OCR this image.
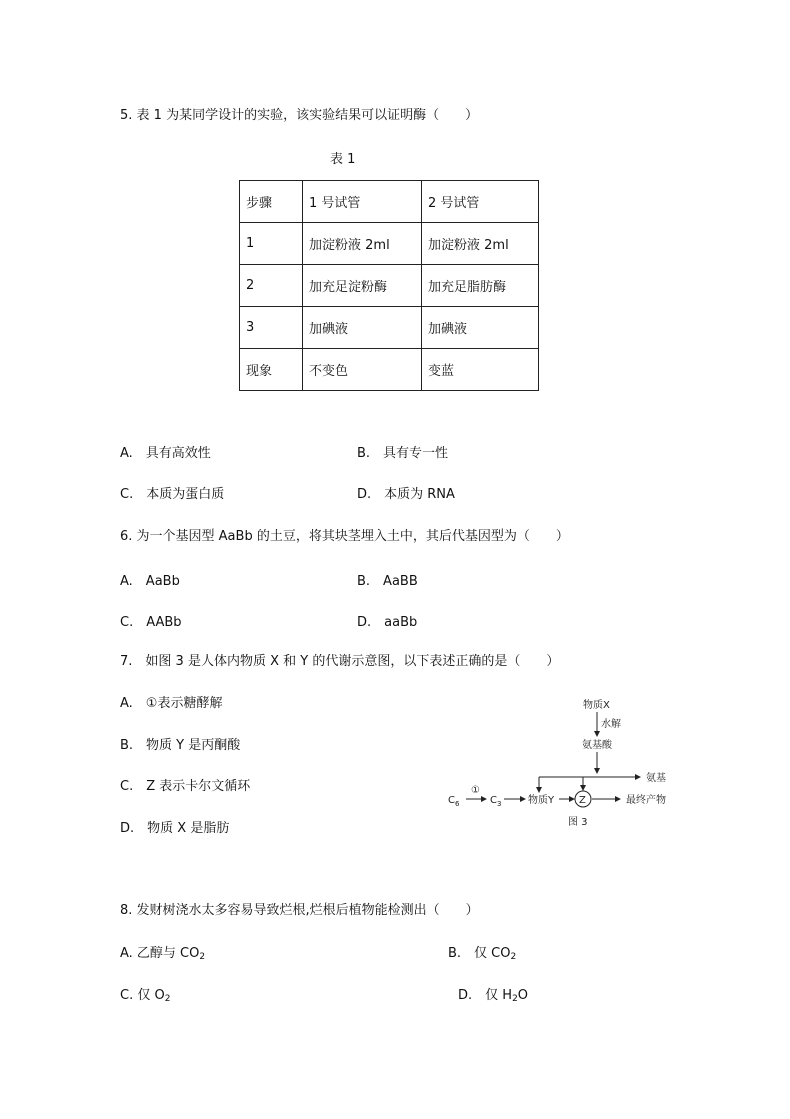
5. 表 1 为某同学设计的实验，该实验结果可以证明酶（　　）
表 1
步骤	1 号试管	2 号试管
1	加淀粉液 2ml	加淀粉液 2ml
2	加充足淀粉酶	加充足脂肪酶
3	加碘液	加碘液
现象	不变色	变蓝
A.　具有高效性	B.　具有专一性
C.　本质为蛋白质	D.　本质为 RNA
6. 为一个基因型 AaBb 的土豆，将其块茎埋入土中，其后代基因型为（　　）
A.　AaBb	B.　AaBB
C.　AABb	D.　aaBb
7.　如图 3 是人体内物质 X 和 Y 的代谢示意图，以下表述正确的是（　　）
A.　①表示糖酵解
B.　物质 Y 是丙酮酸
C.　Z 表示卡尔文循环
D.　物质 X 是脂肪
物质X
水解
氨基酸
氨基
$C_6$
①
$C_3$	物质Y Z	最终产物
图 3
8. 发财树浇水太多容易导致烂根,烂根后植物能检测出（　　）
A. 乙醇与 $CO_2$	B.　仅 $CO_2$
C. 仅 $O_2$	D.　仅 $H_2O$
